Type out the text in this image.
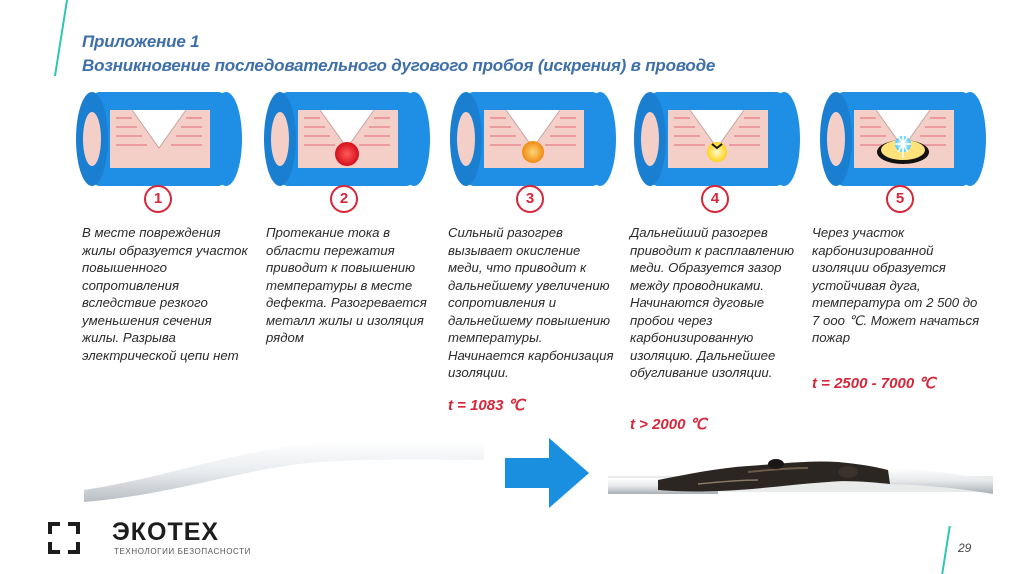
Приложение 1
Возникновение последовательного дугового пробоя (искрения) в проводе
1	2	3	4	5
В месте повреждения жилы образуется участок повышенного сопротивления вследствие резкого уменьшения сечения жилы. Разрыва электрической цепи нет
Протекание тока в области пережатия приводит к повышению температуры в месте дефекта. Разогревается металл жилы и изоляция рядом
Сильный разогрев вызывает окисление меди, что приводит к дальнейшему увеличению сопротивления и дальнейшему повышению температуры. Начинается карбонизация изоляции.
Дальнейший разогрев приводит к расплавлению меди. Образуется зазор между проводниками. Начинаются дуговые пробои через карбонизированную изоляцию. Дальнейшее обугливание изоляции.
Через участок карбонизированной изоляции образуется устойчивая дуга, температура от 2 500 до 7 ооо ℃. Может начаться пожар
t = 1083 ℃
t > 2000 ℃
t = 2500 - 7000 ℃
ЭКОТЕХ
ТЕХНОЛОГИИ БЕЗОПАСНОСТИ	29
